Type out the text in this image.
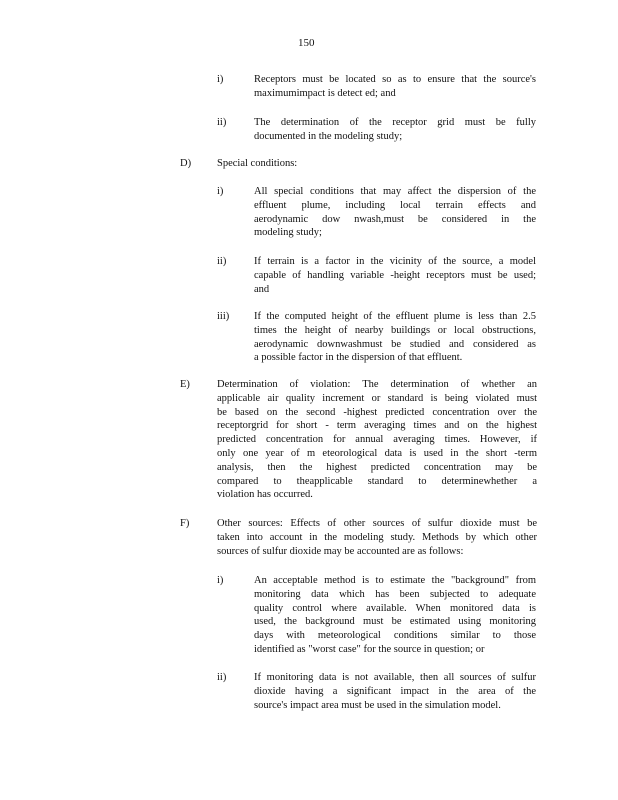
150
i)	Receptors must be located so as to ensure that the source's
maximumimpact is detect ed; and
ii)	The determination of the receptor grid must be fully
documented in the modeling study;
D) Special conditions:
i)	All special conditions that may affect the dispersion of the
effluent plume, including local terrain effects and
aerodynamic dow nwash,must be considered in the
modeling study;
ii)	If terrain is a factor in the vicinity of the source, a model
capable of handling variable -height receptors must be used;
and
iii) If the computed height of the effluent plume is less than 2.5
times the height of nearby buildings or local obstructions,
aerodynamic downwashmust be studied and considered as
a possible factor in the dispersion of that effluent.
E)	Determination of violation: The determination of whether an
applicable air quality increment or standard is being violated must
be based on the second -highest predicted concentration over the
receptorgrid for short - term averaging times and on the highest
predicted concentration for annual averaging times. However, if
only one year of m eteorological data is used in the short -term
analysis, then the highest predicted concentration may be
compared to theapplicable standard to determinewhether a
violation has occurred.
F)	Other sources: Effects of other sources of sulfur dioxide must be
taken into account in the modeling study. Methods by which other
sources of sulfur dioxide may be accounted are as follows:
i)	An acceptable method is to estimate the "background" from
monitoring data which has been subjected to adequate
quality control where available. When monitored data is
used, the background must be estimated using monitoring
days with meteorological conditions similar to those
identified as "worst case" for the source in question; or
ii)	If monitoring data is not available, then all sources of sulfur
dioxide having a significant impact in the area of the
source's impact area must be used in the simulation model.
